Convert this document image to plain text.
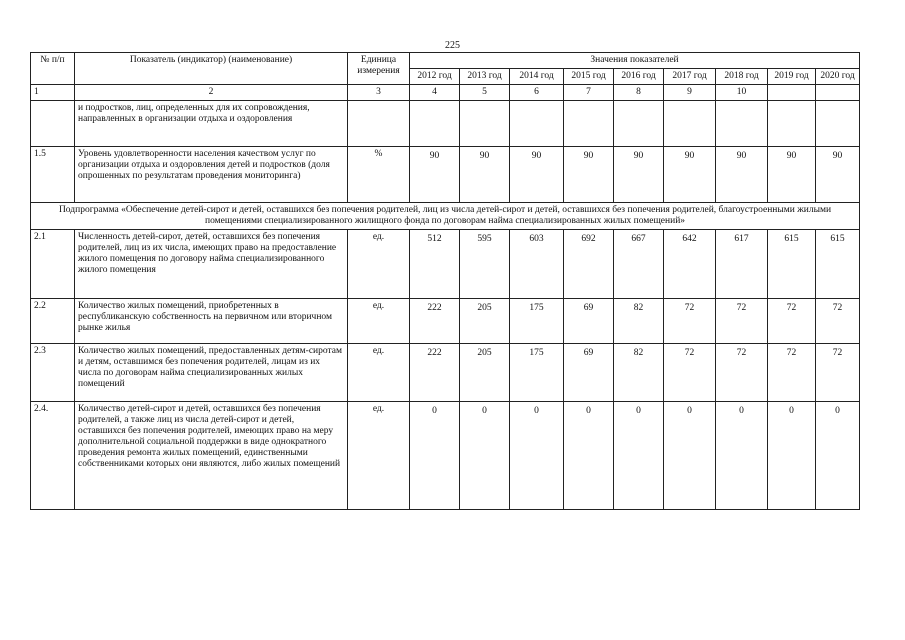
225
№ п/п	Показатель (индикатор) (наименование)	Единица измерения	Значения показателей								
			2012 год	2013 год	2014 год	2015 год	2016 год	2017 год	2018 год	2019 год	2020 год
1	2	3	4	5	6	7	8	9	10		
	и подростков, лиц, определенных для их сопровождения, направленных в организации отдыха и оздоровления										
1.5	Уровень удовлетворенности населения качеством услуг по организации отдыха и оздоровления детей и подростков (доля опрошенных по результатам проведения мониторинга)	%	90	90	90	90	90	90	90	90	90
Подпрограмма «Обеспечение детей-сирот и детей, оставшихся без попечения родителей, лиц из числа детей-сирот и детей, оставшихся без попечения родителей, благоустроенными жилыми помещениями специализированного жилищного фонда по договорам найма специализированных жилых помещений»											
2.1	Численность детей-сирот, детей, оставшихся без попечения родителей, лиц из их числа, имеющих право на предоставление жилого помещения по договору найма специализированного жилого помещения	ед.	512	595	603	692	667	642	617	615	615
2.2	Количество жилых помещений, приобретенных в республиканскую собственность на первичном или вторичном рынке жилья	ед.	222	205	175	69	82	72	72	72	72
2.3	Количество жилых помещений, предоставленных детям-сиротам и детям, оставшимся без попечения родителей, лицам из их числа по договорам найма специализированных жилых помещений	ед.	222	205	175	69	82	72	72	72	72
2.4.	Количество детей-сирот и детей, оставшихся без попечения родителей, а также лиц из числа детей-сирот и детей, оставшихся без попечения родителей, имеющих право на меру дополнительной социальной поддержки в виде однократного проведения ремонта жилых помещений, единственными собственниками которых они являются, либо жилых помещений	ед.	0	0	0	0	0	0	0	0	0
